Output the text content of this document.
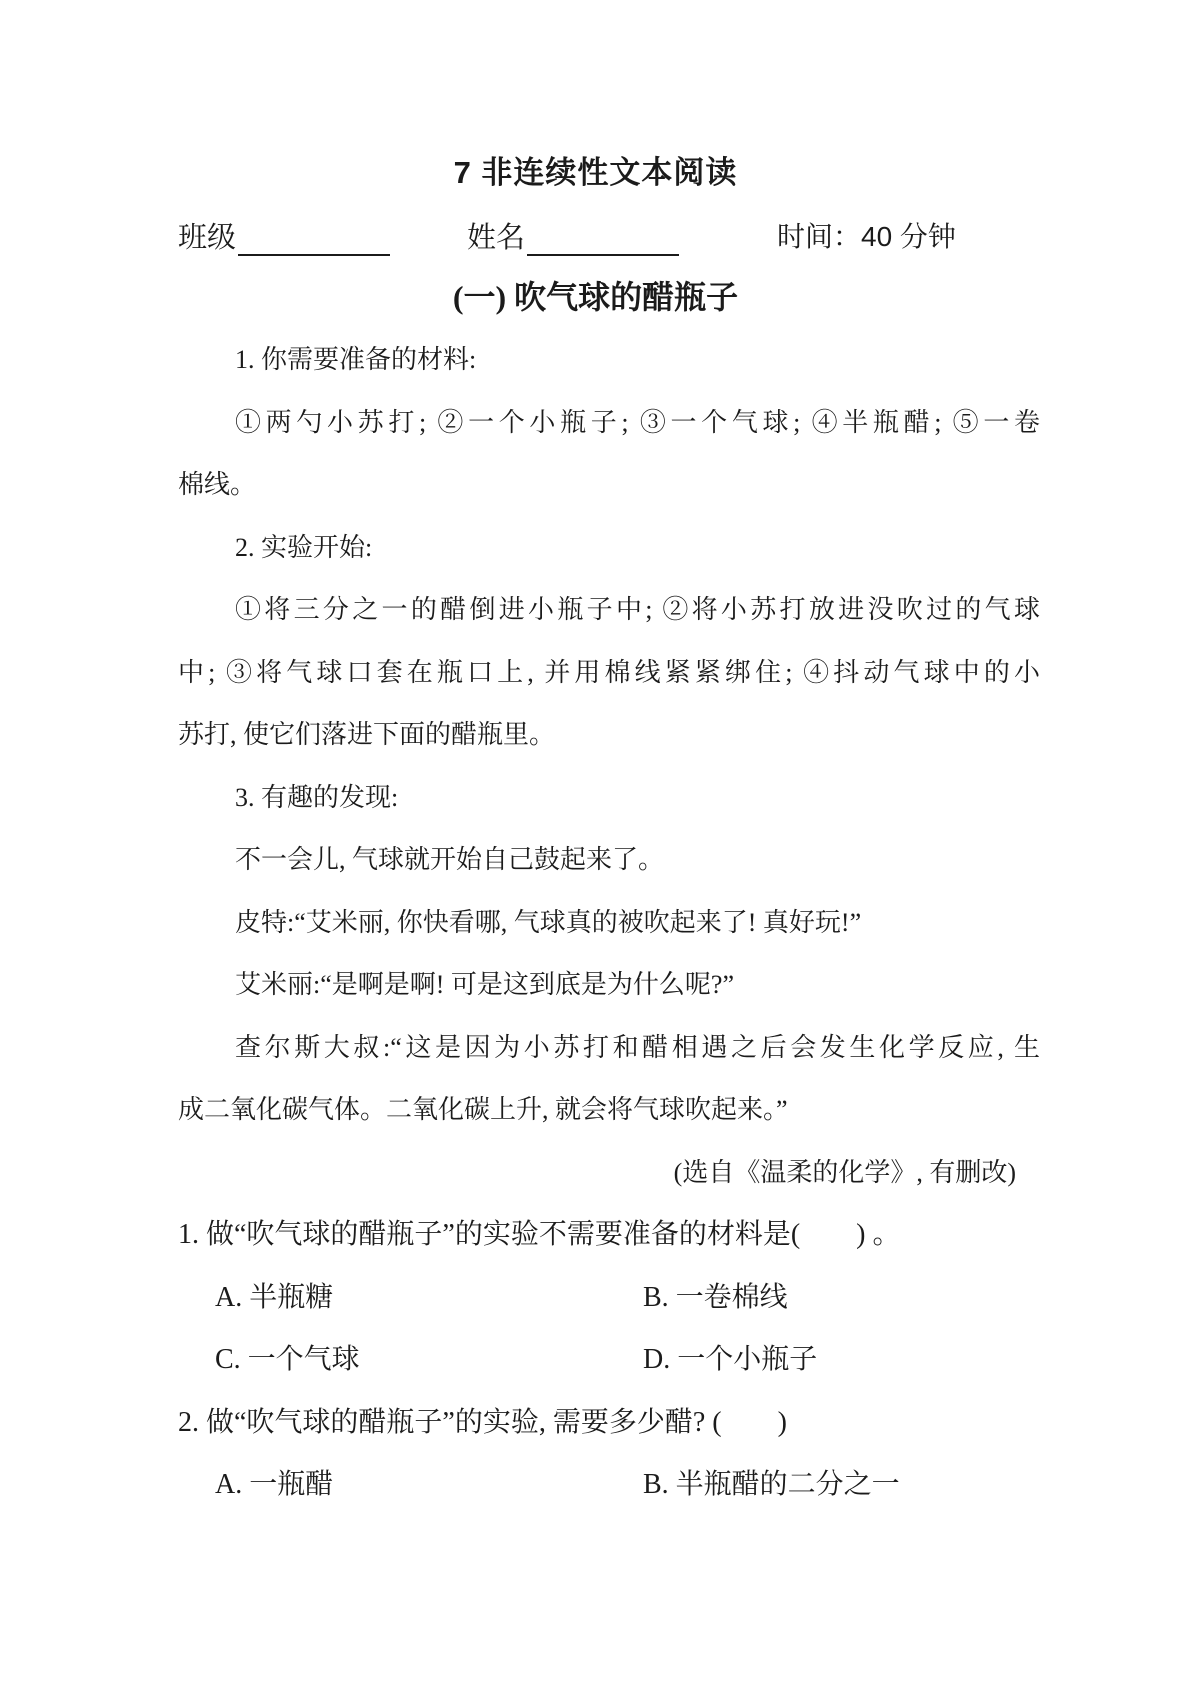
7 非连续性文本阅读
班级	姓名	时间：40 分钟
(一) 吹气球的醋瓶子
1. 你需要准备的材料:
①两勺小苏打; ②一个小瓶子; ③一个气球; ④半瓶醋; ⑤一卷
棉线。
2. 实验开始:
①将三分之一的醋倒进小瓶子中; ②将小苏打放进没吹过的气球
中; ③将气球口套在瓶口上, 并用棉线紧紧绑住; ④抖动气球中的小
苏打, 使它们落进下面的醋瓶里。
3. 有趣的发现:
不一会儿, 气球就开始自己鼓起来了。
皮特:“艾米丽, 你快看哪, 气球真的被吹起来了! 真好玩!”
艾米丽:“是啊是啊! 可是这到底是为什么呢?”
查尔斯大叔:“这是因为小苏打和醋相遇之后会发生化学反应, 生
成二氧化碳气体。二氧化碳上升, 就会将气球吹起来。”
(选自《温柔的化学》, 有删改)
1. 做“吹气球的醋瓶子”的实验不需要准备的材料是(　　) 。
A. 半瓶糖	B. 一卷棉线
C. 一个气球	D. 一个小瓶子
2. 做“吹气球的醋瓶子”的实验, 需要多少醋? (　　)
A. 一瓶醋	B. 半瓶醋的二分之一
